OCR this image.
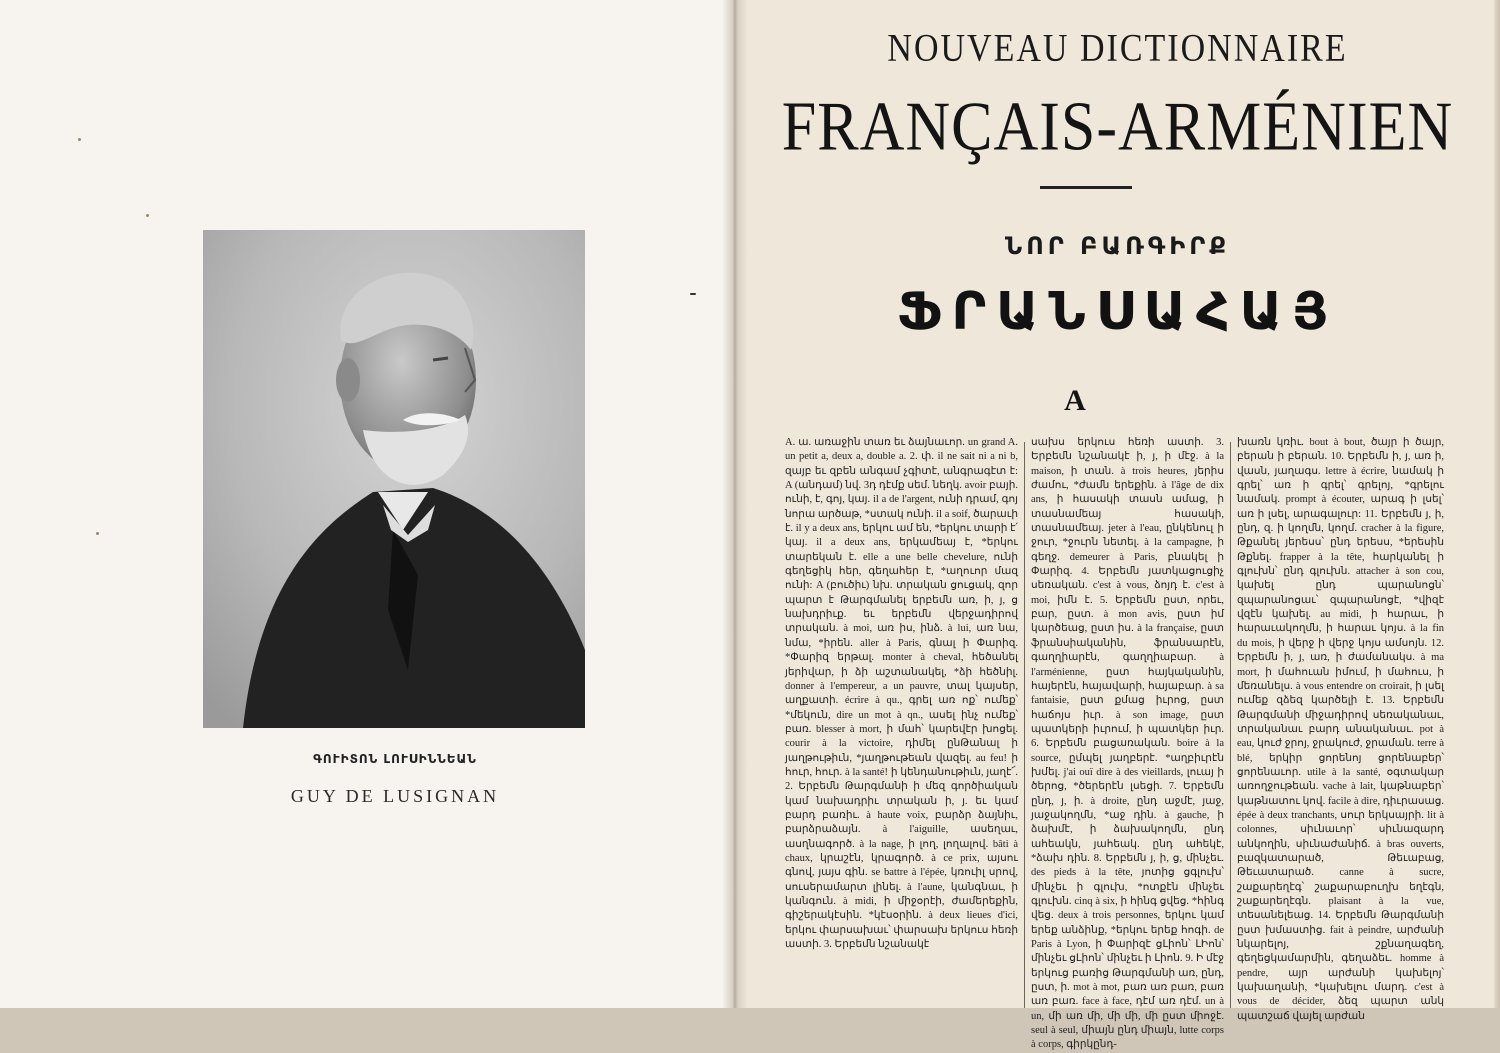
ԳՈՒԻՏՈՆ ԼՈՒՍԻՆՆԵԱՆ
GUY DE LUSIGNAN
NOUVEAU DICTIONNAIRE
FRANÇAIS-ARMÉNIEN
ՆՈՐ ԲԱՌԳԻՐՔ
ՖՐԱՆՍԱՀԱՅ
A
A. ա. առաջին տառ եւ ձայնաւոր. un grand A. un petit a, deux a, double a. 2. փ. il ne sait ni a ni b, զայբ եւ զբեն անգամ չգիտէ, անգրագէտ է: A (անդամ) նվ. 3դ դէմք սեմ. նեղկ. avoir բայի. ունի, է, գոյ, կայ. il a de l'argent, ունի դրամ, գոյ նորա արծաթ, *ստակ ունի. il a soif, ծարաւի է. il y a deux ans, երկու ամ են, *երկու տարի է՛ կայ. il a deux ans, երկամեայ է, *երկու տարեկան է. elle a une belle chevelure, ունի գեղեցիկ հեր, գեղահեր է, *աղուոր մազ ունի: A (բուծիւ) նխ. տրական ցուցակ, զոր պարտ է Թարգմանել երբեմն առ, ի, յ, ց նախդրիւք. եւ երբեմն վերջադիրով տրական. à moi, առ իս, ինձ. à lui, առ նա, նմա, *իրեն. aller à Paris, գնալ ի Փարիզ. *Փարիզ երթալ. monter à cheval, հեծանել յերիվար, ի ձի աշտանակել, *ձի հեծնիլ. donner à l'empereur, a un pauvre, տալ կայսեր, աղքատի. écrire à qu., գրել առ ոք՝ ումեք՝ *մեկուն, dire un mot à qn., ասել ինչ ումեք՝ բառ. blesser à mort, ի մահ՝ կարեվէր խոցել. courir à la victoire, դիմել ընԹանալ ի յաղթութիւն, *յաղթութեան վազել. au feu! ի հուր, հուր. à la santé! ի կենդանութիւն, յաղէ՜. 2. Երբեմն Թարգմանի ի մեզ գործիական կամ նախադրիւ տրական ի, յ. եւ կամ բարդ բառիւ. à haute voix, բարձր ձայնիւ, բարձրաձայն. à l'aiguille, ասեղաւ, ասղնագործ. à la nage, ի լող, լողալով. bâti à chaux, կրաշէն, կրագործ. à ce prix, այսու գնով, յայս գին. se battre à l'épée, կռուիլ սրով, սուսերամարտ լինել. à l'aune, կանգնաւ, ի կանգուն. à midi, ի միջօրէի, ժամերեքին, գիշերակէսին. *կէսօրին. à deux lieues d'ici, երկու փարսախաւ՝ փարսախ երկուս հեռի աստի. 3. Երբեմն նշանակէ
սախս երկուս հեռի աստի. 3. Երբեմն նշանակէ ի, յ, ի մէջ. à la maison, ի տան. à trois heures, յերիս ժամու, *ժամն երեքին. à l'âge de dix ans, ի հասակի տասն ամաց, ի տասնամեայ հասակի, տասնամեայ. jeter à l'eau, ընկենուլ ի ջուր, *ջուրն նետել. à la campagne, ի գեղջ. demeurer à Paris, բնակել ի Փարիզ. 4. Երբեմն յատկացուցիչ սեռական. c'est à vous, ձոյդ է. c'est à moi, իմն է. 5. Երբեմն ըստ, որեւ, բար, ըստ. à mon avis, ըստ իմ կարծեաց, ըստ իս. à la française, ըստ ֆրանսիականին, ֆրանսարէն, գաղղիարէն, գաղղիաբար. à l'arménienne, ըստ հայկականին, հայերէն, հայավարի, հայաբար. à sa fantaisie, ըստ քմաց իւրոց, ըստ հաճոյս իւր. à son image, ըստ պատկերի իւրում, ի պատկեր իւր. 6. Երբեմն բացառական. boire à la source, ըմպել յաղբերէ. *աղբիւրէն խմել. j'ai ouï dire à des vieillards, լուայ ի ծերոց, *ծերերէն լսեցի. 7. Երբեմն ընդ, յ, ի. à droite, ընդ աջմէ, յաջ, յաջակողմն, *աջ դին. à gauche, ի ձախմէ, ի ձախակողմն, ընդ ահեակն, յահեակ. ընդ ահեկէ, *ձախ դին. 8. Երբեմն յ, ի, ց, մինչեւ. des pieds à la tête, յոտից ցգլուխ՝ մինչեւ ի գլուխ, *ոտքէն մինչեւ գլուխն. cinq à six, ի հինգ ցվեց. *հինգ վեց. deux à trois personnes, երկու կամ երեք անձինք, *երկու երեք հոգի. de Paris à Lyon, ի Փարիզէ ցԼիոն՝ ԼԻոն՝ մինչեւ ցԼիոն՝ մինչեւ ի Լիոն. 9. Ի մէջ երկուց բառից Թարգմանի առ, ընդ, ըստ, ի. mot à mot, բառ առ բառ, բառ առ բառ. face à face, դէմ առ դէմ. un à un, մի առ մի, մի մի, մի ըստ միոջէ. seul à seul, միայն ընդ միայն, lutte corps à corps, գիրկընդ-
խառն կռիւ. bout à bout, ծայր ի ծայր, բերան ի բերան. 10. Երբեմն ի, յ, առ ի, վասն, յաղագս. lettre à écrire, նամակ ի գրել՝ առ ի գրել՝ գրելոյ, *գրելու նամակ. prompt à écouter, արագ ի լսել՝ առ ի լսել, արագալուր: 11. Երբեմն յ, ի, ընդ, զ. ի կողմն, կողմ. cracher à la figure, Թքանել յերեսս՝ ընդ երեսս, *երեսին Թքնել. frapper à la tête, հարկանել ի գլուխն՝ ընդ գլուխն. attacher à son cou, կախել ընդ պարանոցն՝ զպարանոցաւ՝ զպարանոցէ, *վիզէ վզէն կախել. au midi, ի հարաւ, ի հարաւակողմն, ի հարաւ կոյս. à la fin du mois, ի վերջ ի վերջ կոյս ամսոյն. 12. Երբեմն ի, յ, առ, ի ժամանակս. à ma mort, ի մահուան իմում, ի մահուս, ի մեռանելս. à vous entendre on croirait, ի լսել ումեք զձեզ կարծելի է. 13. Երբեմն Թարգմանի միջադիրով սեռականաւ, տրականաւ բարդ անականաւ. pot à eau, կուժ ջրոյ, ջրակուժ, ջրաման. terre à blé, երկիր ցորենոյ ցորենաբեր՝ ցորենաւոր. utile à la santé, օգտակար առողջութեան. vache à lait, կաթնաբեր՝ կաթնատու կով. facile à dire, դիւրասաց. épée à deux tranchants, սուր երկսայրի. lit à colonnes, սիւնաւոր՝ սիւնազարդ անկողին, սիւնաժանիճ. à bras ouverts, բազկատարած, Թեւաբաց, Թեւատարած. canne à sucre, շաքարեղէգ՝ շաքարաբուղխ եղէգն, շաքարեղէգն. plaisant à la vue, տեսանելեաց. 14. Երբեմն Թարգմանի ըստ խմաստից. fait à peindre, արժանի նկարելոյ, շքնաղագեղ, գեղեցկամարմին, գեղաձեւ. homme à pendre, այր արժանի կախելոյ՝ կախաղանի, *կախելու մարդ. c'est à vous de décider, ձեզ պարտ անկ պատշաճ վայել արժան
